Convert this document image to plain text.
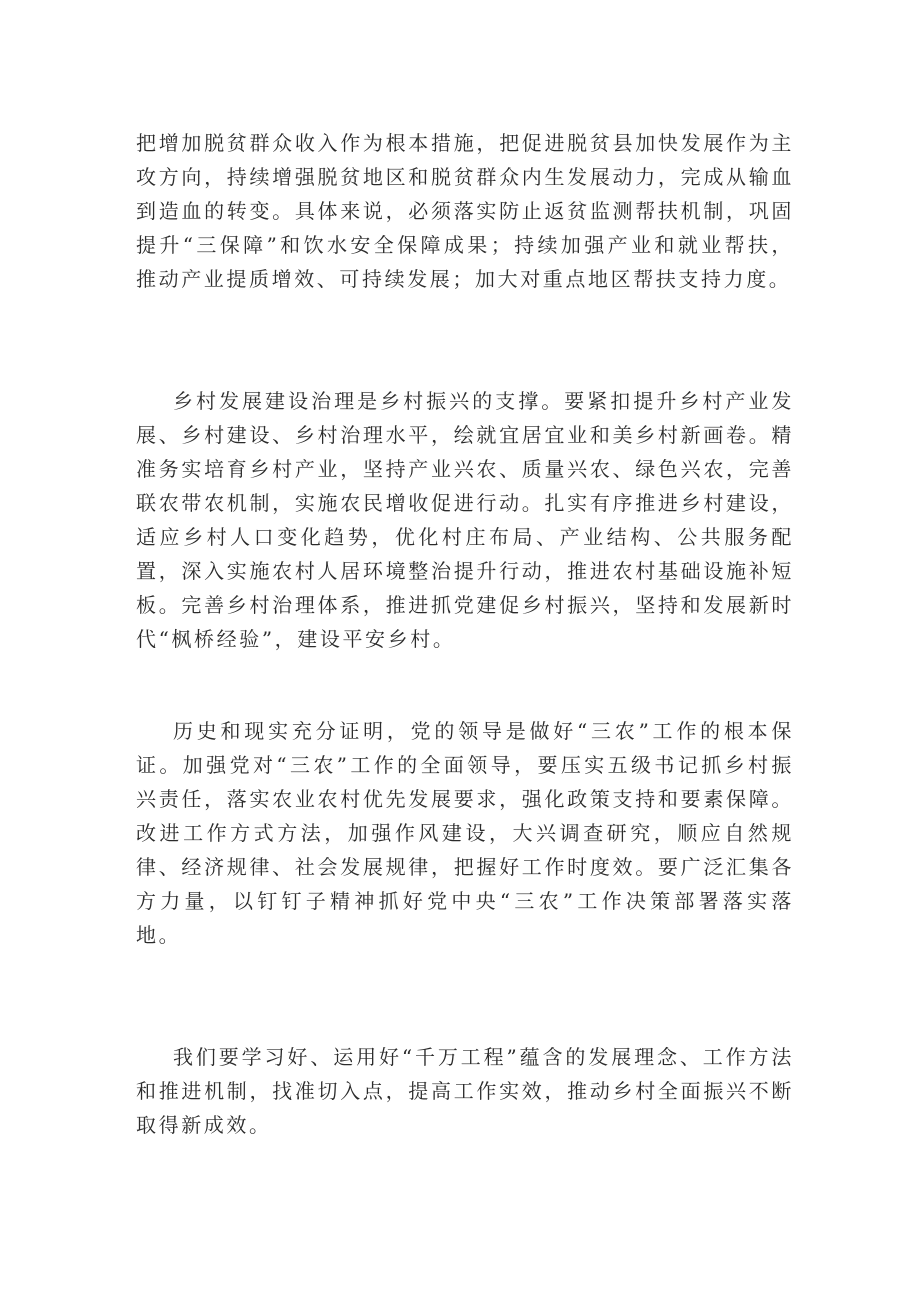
把增加脱贫群众收入作为根本措施，把促进脱贫县加快发展作为主攻方向，持续增强脱贫地区和脱贫群众内生发展动力，完成从输血到造血的转变。具体来说，必须落实防止返贫监测帮扶机制，巩固提升“三保障”和饮水安全保障成果；持续加强产业和就业帮扶，推动产业提质增效、可持续发展；加大对重点地区帮扶支持力度。

乡村发展建设治理是乡村振兴的支撑。要紧扣提升乡村产业发展、乡村建设、乡村治理水平，绘就宜居宜业和美乡村新画卷。精准务实培育乡村产业，坚持产业兴农、质量兴农、绿色兴农，完善联农带农机制，实施农民增收促进行动。扎实有序推进乡村建设，适应乡村人口变化趋势，优化村庄布局、产业结构、公共服务配置，深入实施农村人居环境整治提升行动，推进农村基础设施补短板。完善乡村治理体系，推进抓党建促乡村振兴，坚持和发展新时代“枫桥经验”，建设平安乡村。

历史和现实充分证明，党的领导是做好“三农”工作的根本保证。加强党对“三农”工作的全面领导，要压实五级书记抓乡村振兴责任，落实农业农村优先发展要求，强化政策支持和要素保障。改进工作方式方法，加强作风建设，大兴调查研究，顺应自然规律、经济规律、社会发展规律，把握好工作时度效。要广泛汇集各方力量，以钉钉子精神抓好党中央“三农”工作决策部署落实落地。

我们要学习好、运用好“千万工程”蕴含的发展理念、工作方法和推进机制，找准切入点，提高工作实效，推动乡村全面振兴不断取得新成效。
